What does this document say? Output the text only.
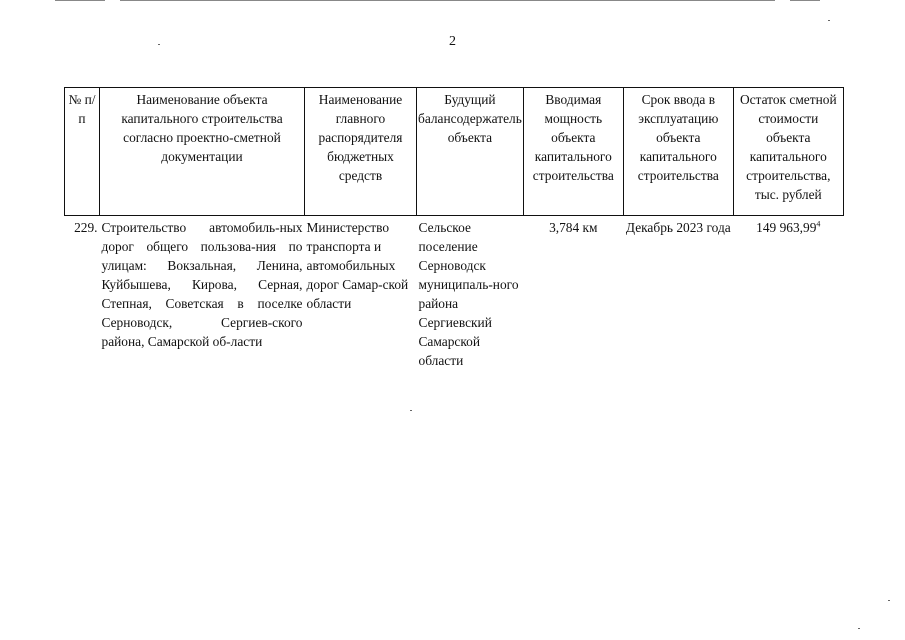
2
№ п/п	Наименование объекта капитального строительства согласно проектно-сметной документации	Наименование главного распорядителя бюджетных средств	Будущий балансодержатель объекта	Вводимая мощность объекта капитального строительства	Срок ввода в эксплуатацию объекта капитального строительства	Остаток сметной стоимости объекта капитального строительства, тыс. рублей
229.	Строительство автомобиль-ных дорог общего пользова-ния по улицам: Вокзальная, Ленина, Куйбышева, Кирова, Серная, Степная, Советская в поселке Серноводск, Сергиев-ского района, Самарской об-ласти	Министерство транспорта и автомобильных дорог Самар-ской области	Сельское поселение Серноводск муниципаль-ного района Сергиевский Самарской области	3,784 км	Декабрь 2023 года	149 963,99$^4$
